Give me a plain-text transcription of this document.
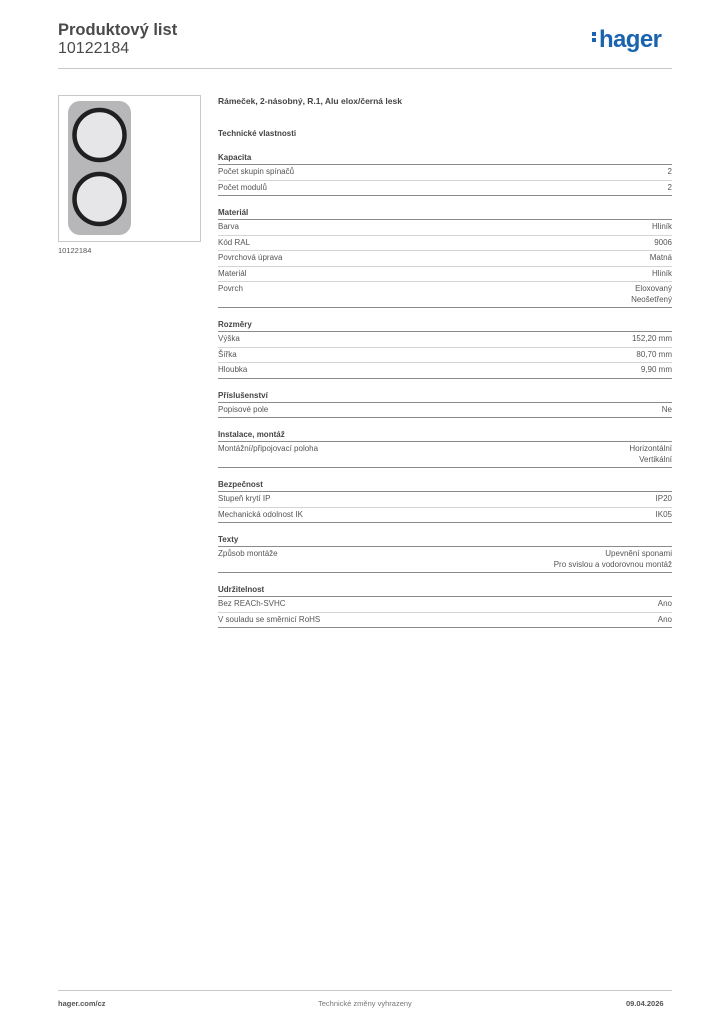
Produktový list
10122184	hager
10122184
Rámeček, 2-násobný, R.1, Alu elox/černá lesk
Technické vlastnosti
Kapacita
Počet skupin spínačů	2
Počet modulů	2
Materiál
Barva	Hliník
Kód RAL	9006
Povrchová úprava	Matná
Materiál	Hliník
Povrch	Eloxovaný
Neošetřený
Rozměry
Výška	152,20 mm
Šířka	80,70 mm
Hloubka	9,90 mm
Příslušenství
Popisové pole	Ne
Instalace, montáž
Montážní/připojovací poloha	Horizontální
Vertikální
Bezpečnost
Stupeň krytí IP	IP20
Mechanická odolnost IK	IK05
Texty
Způsob montáže	Upevnění sponami
Pro svislou a vodorovnou montáž
Udržitelnost
Bez REACh-SVHC	Ano
V souladu se směrnicí RoHS	Ano
hager.com/cz	Technické změny vyhrazeny	09.04.2026
